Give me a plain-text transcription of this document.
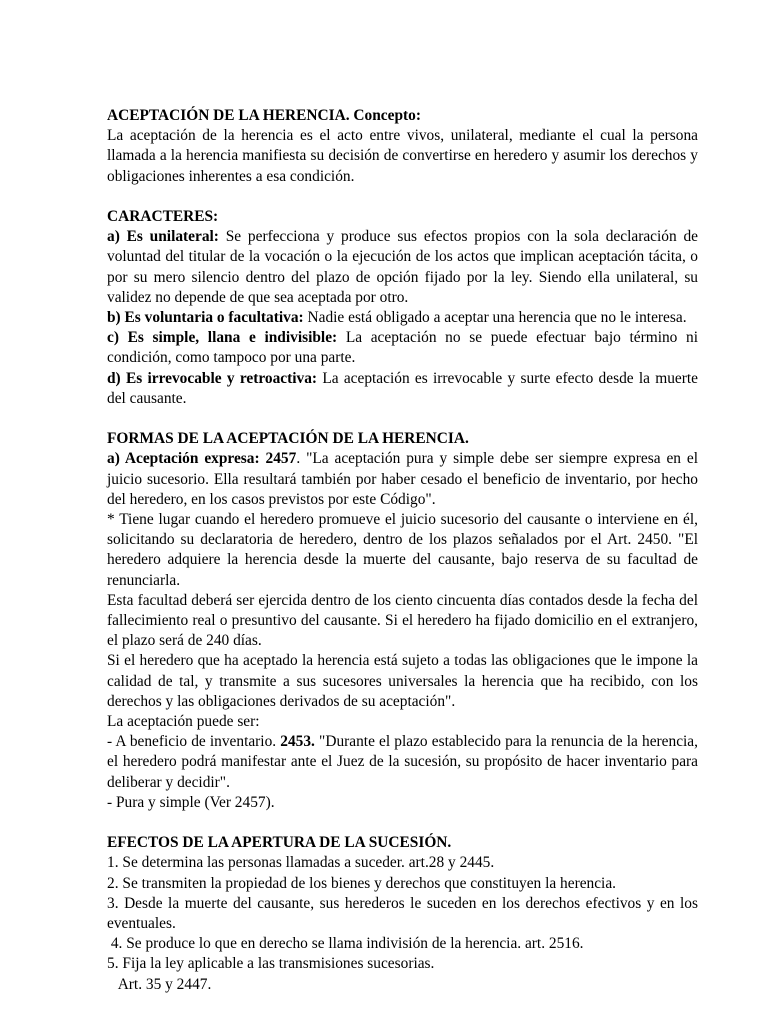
ACEPTACIÓN DE LA HERENCIA. Concepto:
La aceptación de la herencia es el acto entre vivos, unilateral, mediante el cual la persona llamada a la herencia manifiesta su decisión de convertirse en heredero y asumir los derechos y obligaciones inherentes a esa condición.

CARACTERES:
a) Es unilateral: Se perfecciona y produce sus efectos propios con la sola declaración de voluntad del titular de la vocación o la ejecución de los actos que implican aceptación tácita, o por su mero silencio dentro del plazo de opción fijado por la ley. Siendo ella unilateral, su validez no depende de que sea aceptada por otro.
b) Es voluntaria o facultativa: Nadie está obligado a aceptar una herencia que no le interesa.
c) Es simple, llana e indivisible: La aceptación no se puede efectuar bajo término ni condición, como tampoco por una parte.
d) Es irrevocable y retroactiva: La aceptación es irrevocable y surte efecto desde la muerte del causante.

FORMAS DE LA ACEPTACIÓN DE LA HERENCIA.
a) Aceptación expresa: 2457. "La aceptación pura y simple debe ser siempre expresa en el juicio sucesorio. Ella resultará también por haber cesado el beneficio de inventario, por hecho del heredero, en los casos previstos por este Código".
* Tiene lugar cuando el heredero promueve el juicio sucesorio del causante o interviene en él, solicitando su declaratoria de heredero, dentro de los plazos señalados por el Art. 2450. "El heredero adquiere la herencia desde la muerte del causante, bajo reserva de su facultad de renunciarla.
Esta facultad deberá ser ejercida dentro de los ciento cincuenta días contados desde la fecha del fallecimiento real o presuntivo del causante. Si el heredero ha fijado domicilio en el extranjero, el plazo será de 240 días.
Si el heredero que ha aceptado la herencia está sujeto a todas las obligaciones que le impone la calidad de tal, y transmite a sus sucesores universales la herencia que ha recibido, con los derechos y las obligaciones derivados de su aceptación".
La aceptación puede ser:
- A beneficio de inventario. 2453. "Durante el plazo establecido para la renuncia de la herencia, el heredero podrá manifestar ante el Juez de la sucesión, su propósito de hacer inventario para deliberar y decidir".
- Pura y simple (Ver 2457).

EFECTOS DE LA APERTURA DE LA SUCESIÓN.
1. Se determina las personas llamadas a suceder. art.28 y 2445.
2. Se transmiten la propiedad de los bienes y derechos que constituyen la herencia.
3. Desde la muerte del causante, sus herederos le suceden en los derechos efectivos y en los eventuales.
4. Se produce lo que en derecho se llama indivisión de la herencia. art. 2516.
5. Fija la ley aplicable a las transmisiones sucesorias.
Art. 35 y 2447.
